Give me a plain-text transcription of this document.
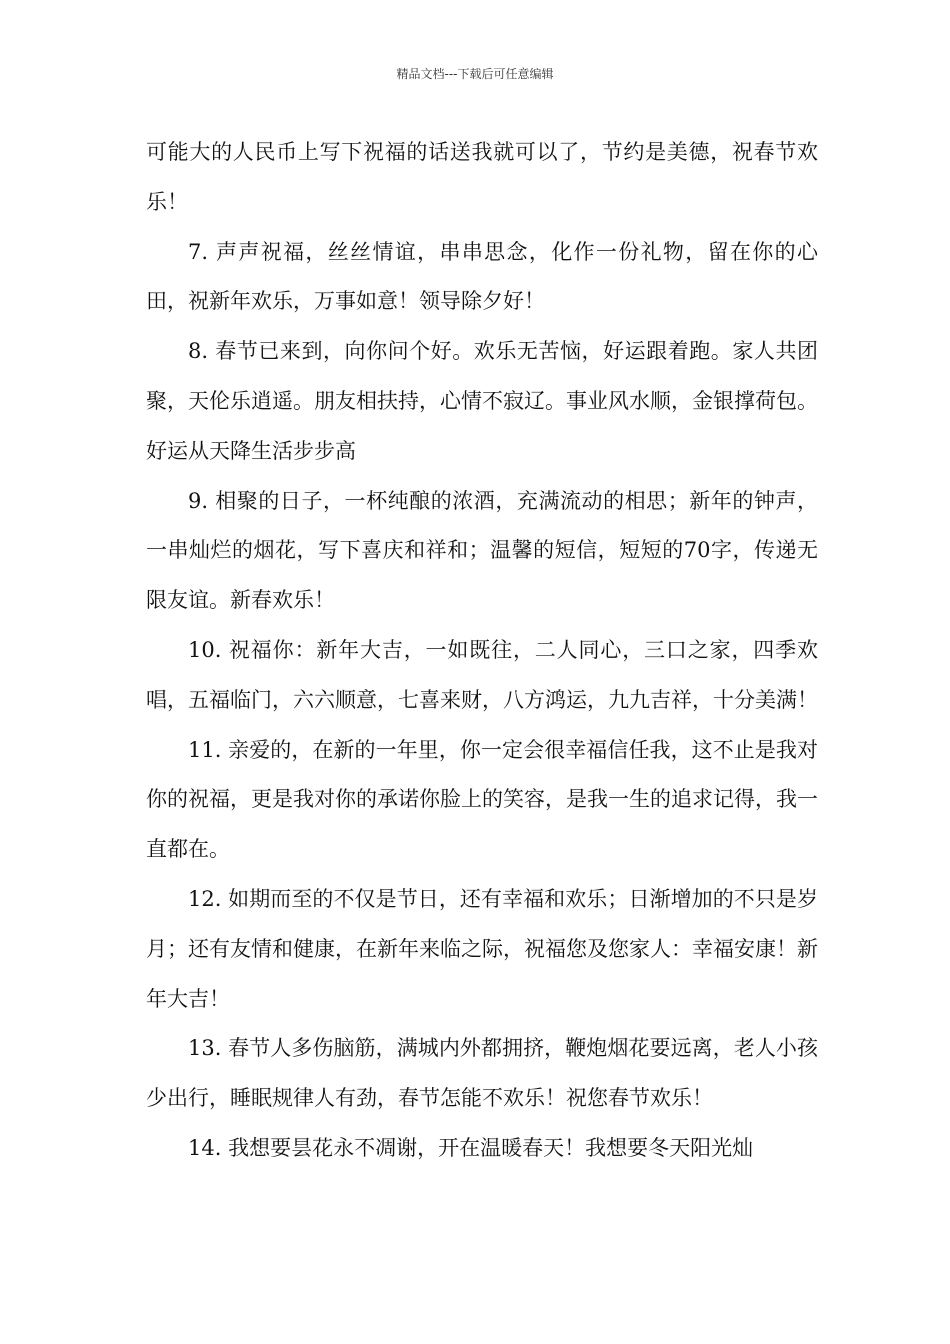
精品文档---下载后可任意编辑

可能大的人民币上写下祝福的话送我就可以了，节约是美德，祝春节欢乐！

7. 声声祝福，丝丝情谊，串串思念，化作一份礼物，留在你的心田，祝新年欢乐，万事如意！领导除夕好！

8. 春节已来到，向你问个好。欢乐无苦恼，好运跟着跑。家人共团聚，天伦乐逍遥。朋友相扶持，心情不寂辽。事业风水顺，金银撑荷包。好运从天降生活步步高

9. 相聚的日子，一杯纯酿的浓酒，充满流动的相思；新年的钟声，一串灿烂的烟花，写下喜庆和祥和；温馨的短信，短短的70字，传递无限友谊。新春欢乐！

10. 祝福你：新年大吉，一如既往，二人同心，三口之家，四季欢唱，五福临门，六六顺意，七喜来财，八方鸿运，九九吉祥，十分美满！

11. 亲爱的，在新的一年里，你一定会很幸福信任我，这不止是我对你的祝福，更是我对你的承诺你脸上的笑容，是我一生的追求记得，我一直都在。

12. 如期而至的不仅是节日，还有幸福和欢乐；日渐增加的不只是岁月；还有友情和健康，在新年来临之际，祝福您及您家人：幸福安康！新年大吉！

13. 春节人多伤脑筋，满城内外都拥挤，鞭炮烟花要远离，老人小孩少出行，睡眠规律人有劲，春节怎能不欢乐！祝您春节欢乐！

14. 我想要昙花永不凋谢，开在温暖春天！我想要冬天阳光灿
